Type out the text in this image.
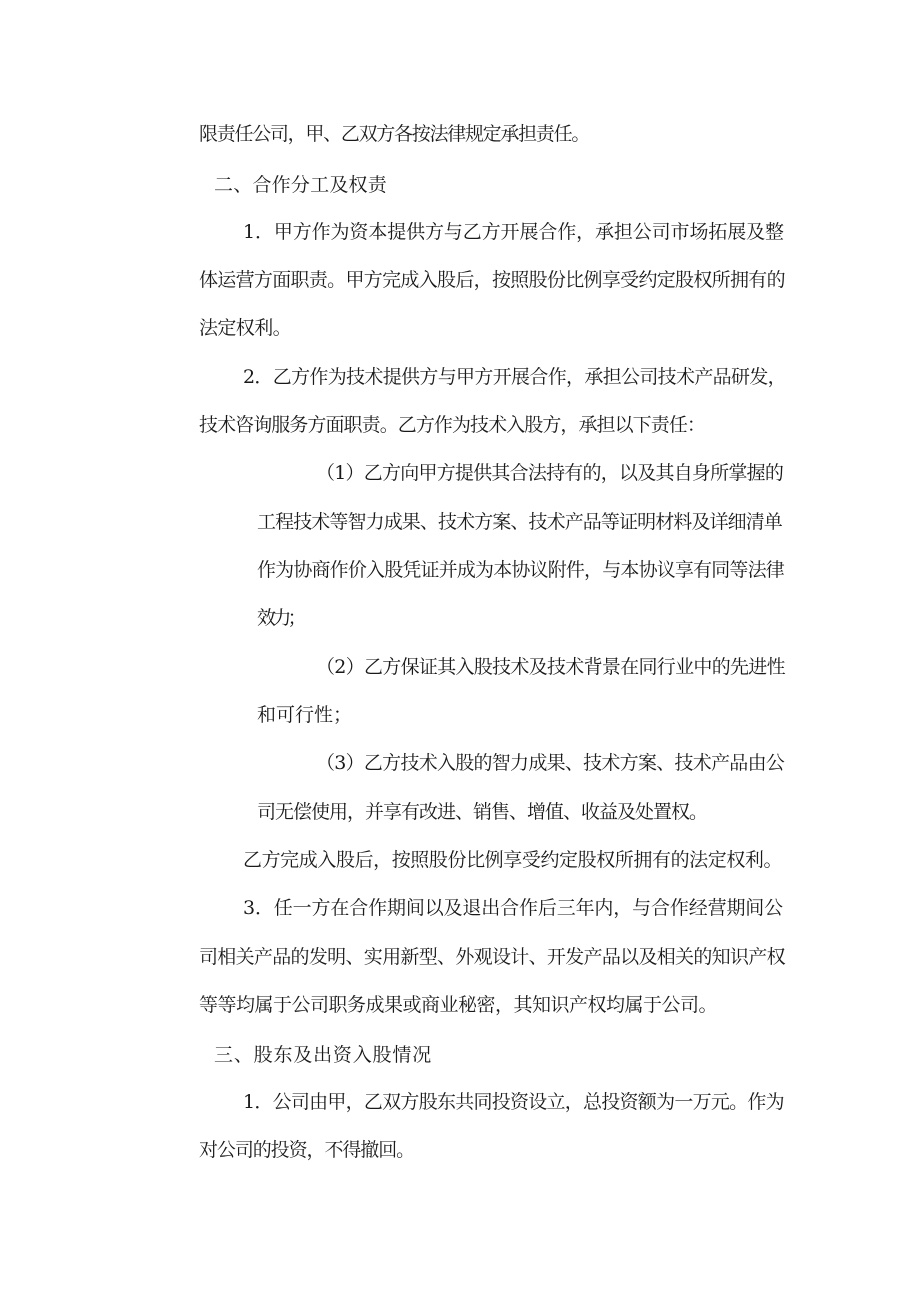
限责任公司，甲、乙双方各按法律规定承担责任。
二、合作分工及权责
1．甲方作为资本提供方与乙方开展合作，承担公司市场拓展及整
体运营方面职责。甲方完成入股后，按照股份比例享受约定股权所拥有的
法定权利。
2．乙方作为技术提供方与甲方开展合作，承担公司技术产品研发，
技术咨询服务方面职责。乙方作为技术入股方，承担以下责任：
（1）乙方向甲方提供其合法持有的，以及其自身所掌握的
工程技术等智力成果、技术方案、技术产品等证明材料及详细清单
作为协商作价入股凭证并成为本协议附件，与本协议享有同等法律
效力；
（2）乙方保证其入股技术及技术背景在同行业中的先进性
和可行性；
（3）乙方技术入股的智力成果、技术方案、技术产品由公
司无偿使用，并享有改进、销售、增值、收益及处置权。
乙方完成入股后，按照股份比例享受约定股权所拥有的法定权利。
3．任一方在合作期间以及退出合作后三年内，与合作经营期间公
司相关产品的发明、实用新型、外观设计、开发产品以及相关的知识产权
等等均属于公司职务成果或商业秘密，其知识产权均属于公司。
三、股东及出资入股情况
1．公司由甲，乙双方股东共同投资设立，总投资额为一万元。作为
对公司的投资，不得撤回。
